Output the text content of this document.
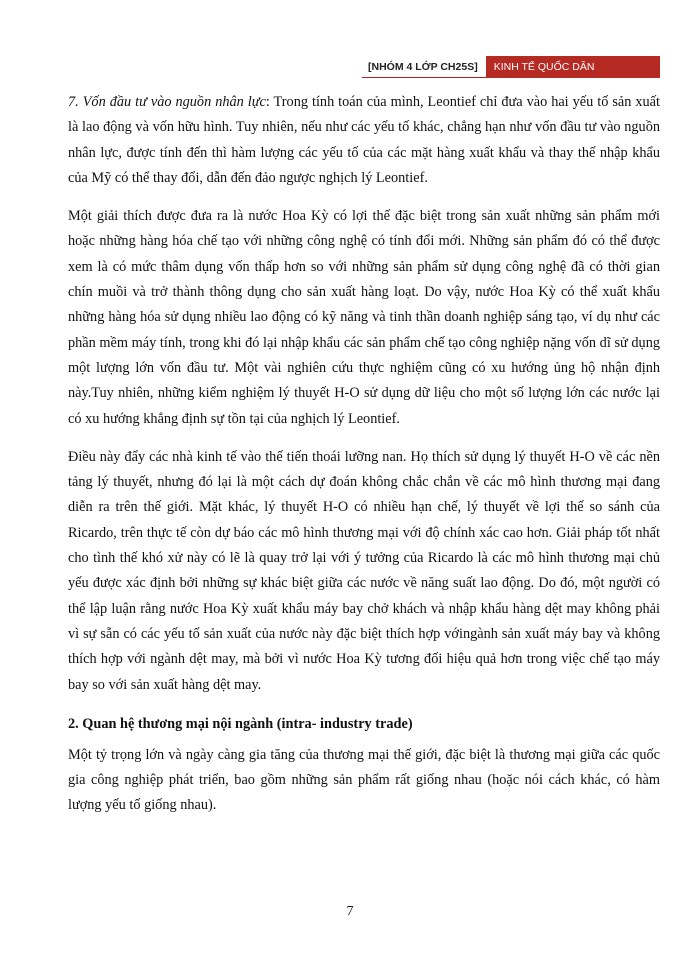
[NHÓM 4 LỚP CH25S]	KINH TẾ QUỐC DÂN

7. Vốn đầu tư vào nguồn nhân lực: Trong tính toán của mình, Leontief chỉ đưa vào hai yếu tố sản xuất là lao động và vốn hữu hình. Tuy nhiên, nếu như các yếu tố khác, chẳng hạn như vốn đầu tư vào nguồn nhân lực, được tính đến thì hàm lượng các yếu tố của các mặt hàng xuất khẩu và thay thế nhập khẩu của Mỹ có thể thay đổi, dẫn đến đảo ngược nghịch lý Leontief.

Một giải thích được đưa ra là nước Hoa Kỳ có lợi thế đặc biệt trong sản xuất những sản phẩm mới hoặc những hàng hóa chế tạo với những công nghệ có tính đổi mới. Những sản phẩm đó có thể được xem là có mức thâm dụng vốn thấp hơn so với những sản phẩm sử dụng công nghệ đã có thời gian chín muồi và trở thành thông dụng cho sản xuất hàng loạt. Do vậy, nước Hoa Kỳ có thể xuất khẩu những hàng hóa sử dụng nhiều lao động có kỹ năng và tinh thần doanh nghiệp sáng tạo, ví dụ như các phần mềm máy tính, trong khi đó lại nhập khẩu các sản phẩm chế tạo công nghiệp nặng vốn dĩ sử dụng một lượng lớn vốn đầu tư. Một vài nghiên cứu thực nghiệm cũng có xu hướng ủng hộ nhận định này.Tuy nhiên, những kiểm nghiệm lý thuyết H-O sử dụng dữ liệu cho một số lượng lớn các nước lại có xu hướng khẳng định sự tồn tại của nghịch lý Leontief.

Điều này đẩy các nhà kinh tế vào thế tiến thoái lưỡng nan. Họ thích sử dụng lý thuyết H-O về các nền tảng lý thuyết, nhưng đó lại là một cách dự đoán không chắc chắn về các mô hình thương mại đang diễn ra trên thế giới. Mặt khác, lý thuyết H-O có nhiều hạn chế, lý thuyết về lợi thế so sánh của Ricardo, trên thực tế còn dự báo các mô hình thương mại với độ chính xác cao hơn. Giải pháp tốt nhất cho tình thế khó xử này có lẽ là quay trở lại với ý tưởng của Ricardo là các mô hình thương mại chủ yếu được xác định bởi những sự khác biệt giữa các nước về năng suất lao động. Do đó, một người có thể lập luận rằng nước Hoa Kỳ xuất khẩu máy bay chở khách và nhập khẩu hàng dệt may không phải vì sự sẵn có các yếu tố sản xuất của nước này đặc biệt thích hợp vớingành sản xuất máy bay và không thích hợp với ngành dệt may, mà bởi vì nước Hoa Kỳ tương đối hiệu quả hơn trong việc chế tạo máy bay so với sản xuất hàng dệt may.

2. Quan hệ thương mại nội ngành (intra- industry trade)

Một tỷ trọng lớn và ngày càng gia tăng của thương mại thế giới, đặc biệt là thương mại giữa các quốc gia công nghiệp phát triển, bao gồm những sản phẩm rất giống nhau (hoặc nói cách khác, có hàm lượng yếu tố giống nhau).

7
